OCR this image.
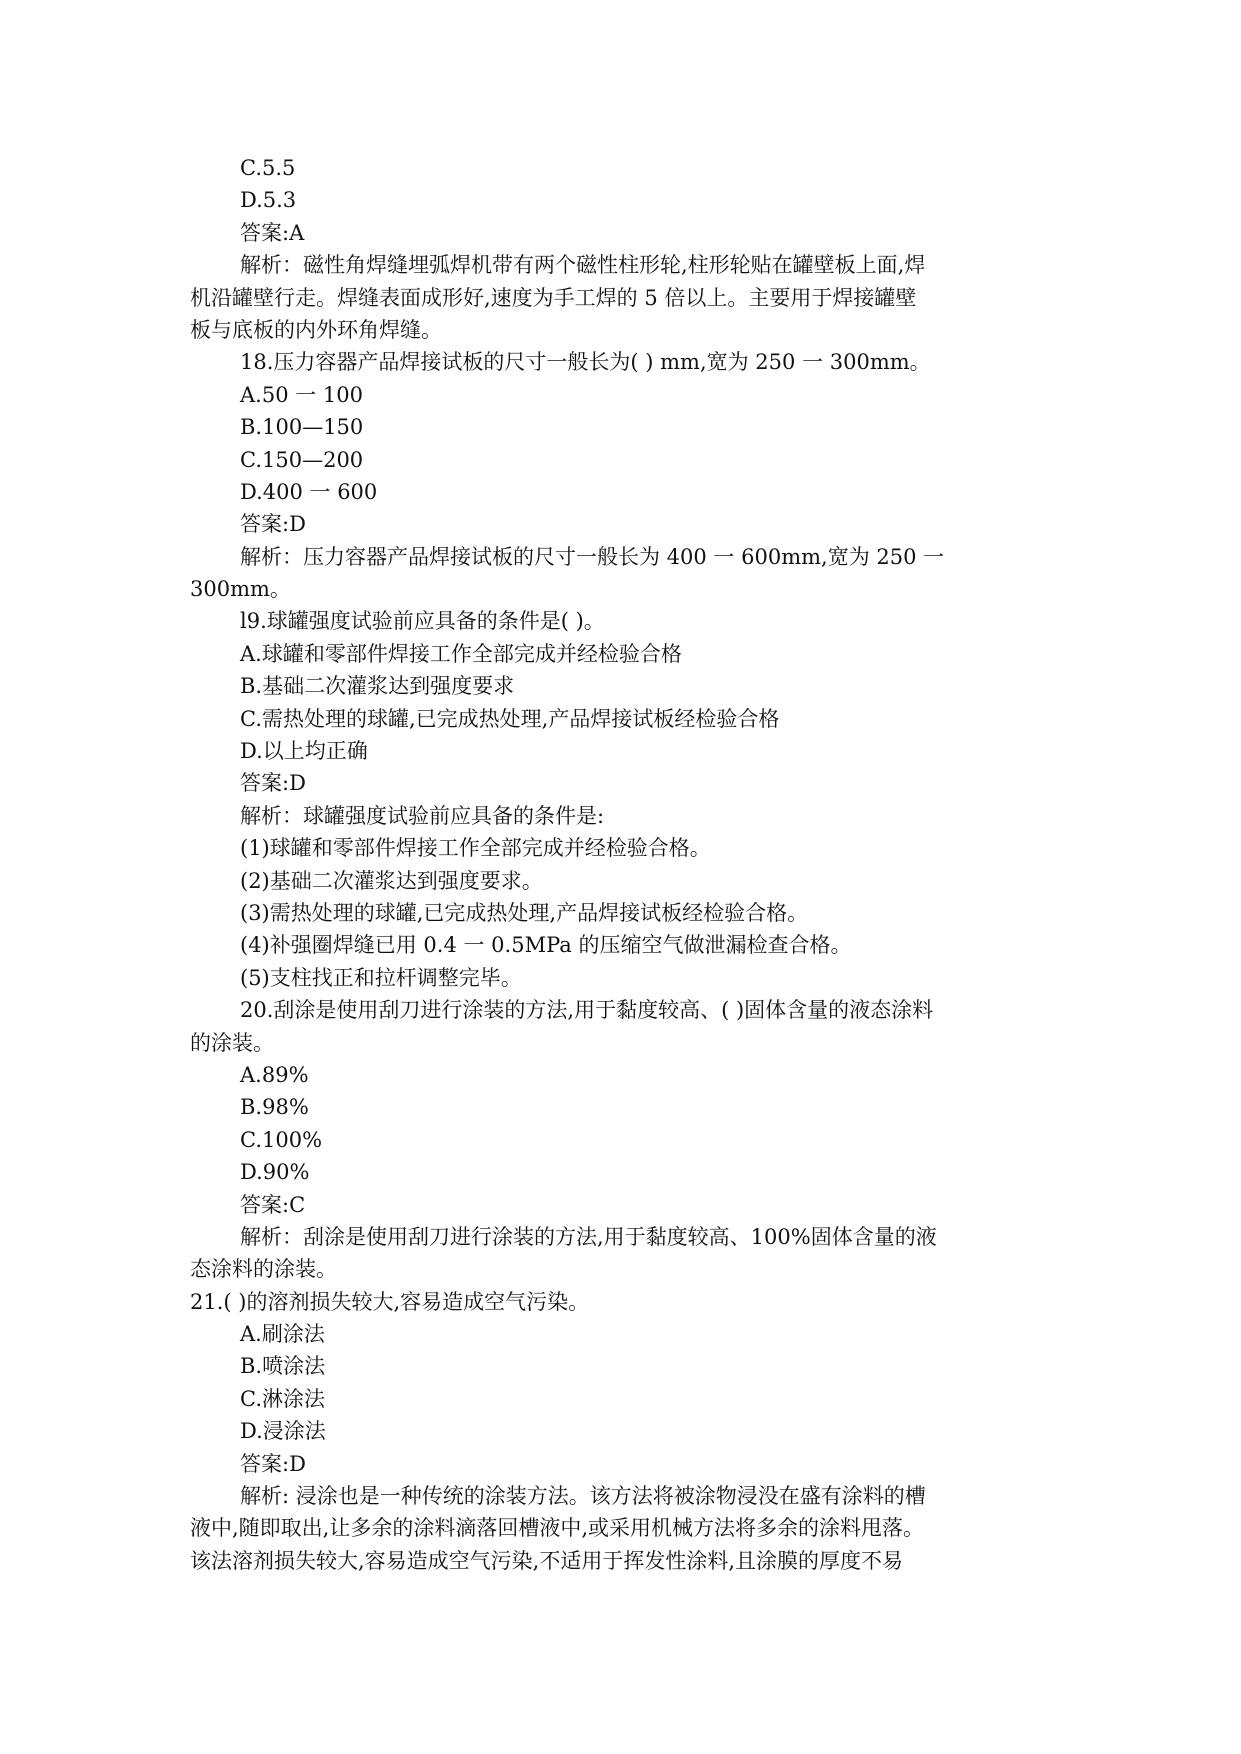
C.5.5
D.5.3
答案:A
解析：磁性角焊缝埋弧焊机带有两个磁性柱形轮,柱形轮贴在罐壁板上面,焊
机沿罐壁行走。焊缝表面成形好,速度为手工焊的 5 倍以上。主要用于焊接罐壁
板与底板的内外环角焊缝。
18.压力容器产品焊接试板的尺寸一般长为( ) mm,宽为 250 一 300mm。
A.50 一 100
B.100—150
C.150—200
D.400 一 600
答案:D
解析：压力容器产品焊接试板的尺寸一般长为 400 一 600mm,宽为 250 一
300mm。
l9.球罐强度试验前应具备的条件是( )。
A.球罐和零部件焊接工作全部完成并经检验合格
B.基础二次灌浆达到强度要求
C.需热处理的球罐,已完成热处理,产品焊接试板经检验合格
D.以上均正确
答案:D
解析：球罐强度试验前应具备的条件是:
(1)球罐和零部件焊接工作全部完成并经检验合格。
(2)基础二次灌浆达到强度要求。
(3)需热处理的球罐,已完成热处理,产品焊接试板经检验合格。
(4)补强圈焊缝已用 0.4 一 0.5MPa 的压缩空气做泄漏检查合格。
(5)支柱找正和拉杆调整完毕。
20.刮涂是使用刮刀进行涂装的方法,用于黏度较高、( )固体含量的液态涂料
的涂装。
A.89%
B.98%
C.100%
D.90%
答案:C
解析：刮涂是使用刮刀进行涂装的方法,用于黏度较高、100%固体含量的液
态涂料的涂装。
21.( )的溶剂损失较大,容易造成空气污染。
A.刷涂法
B.喷涂法
C.淋涂法
D.浸涂法
答案:D
解析: 浸涂也是一种传统的涂装方法。该方法将被涂物浸没在盛有涂料的槽
液中,随即取出,让多余的涂料滴落回槽液中,或采用机械方法将多余的涂料甩落。
该法溶剂损失较大,容易造成空气污染,不适用于挥发性涂料,且涂膜的厚度不易
